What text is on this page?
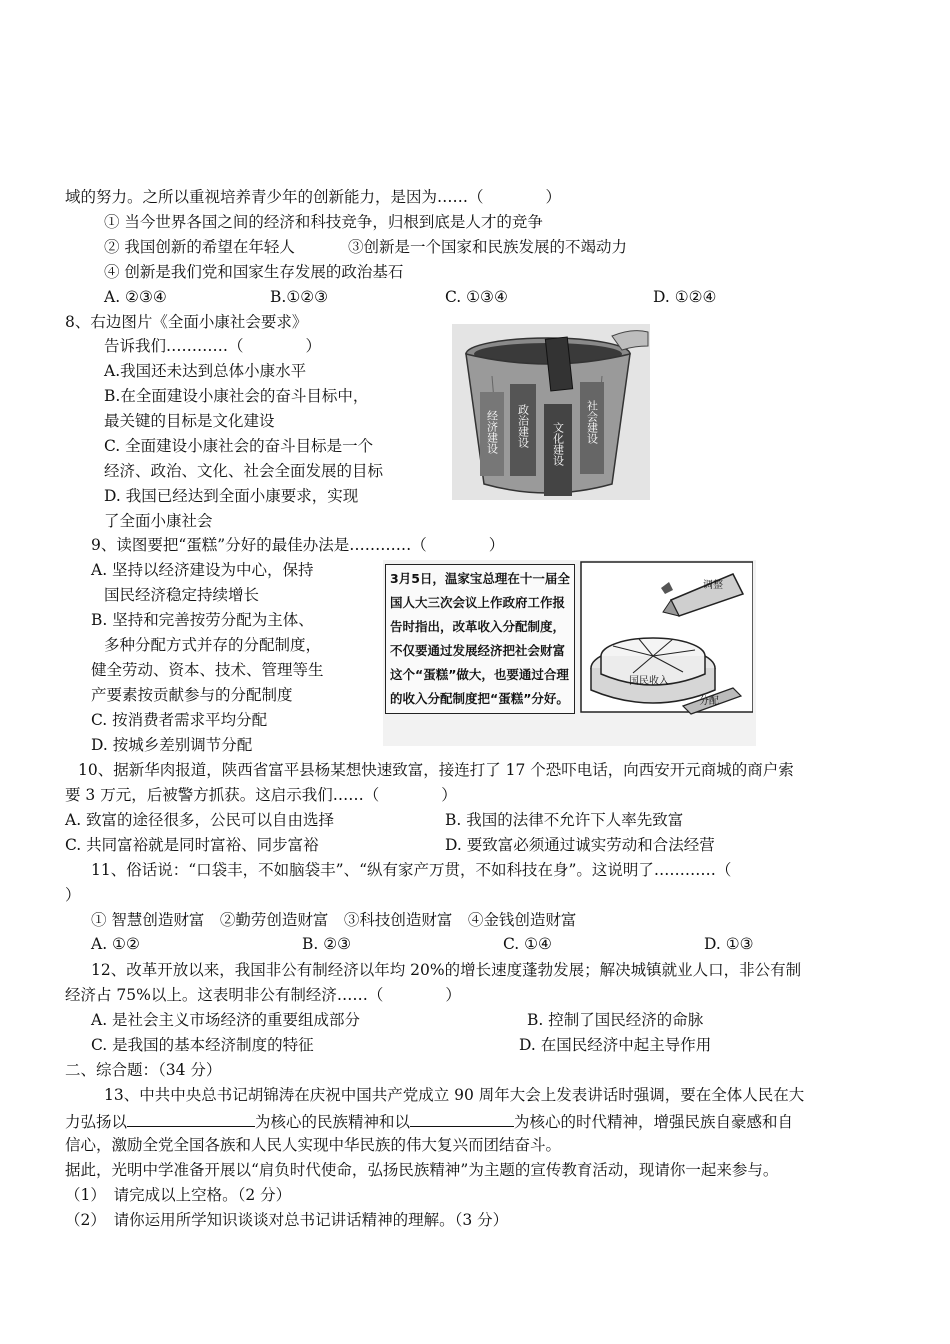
域的努力。之所以重视培养青少年的创新能力，是因为……（　　　　）
① 当今世界各国之间的经济和科技竞争，归根到底是人才的竞争
② 我国创新的希望在年轻人	③创新是一个国家和民族发展的不竭动力
④ 创新是我们党和国家生存发展的政治基石
A. ②③④	B.①②③	C. ①③④	D. ①②④
8、右边图片《全面小康社会要求》
告诉我们…………（　　　　）
A.我国还未达到总体小康水平
B.在全面建设小康社会的奋斗目标中，
最关键的目标是文化建设
C. 全面建设小康社会的奋斗目标是一个
经济、政治、文化、社会全面发展的目标
D. 我国已经达到全面小康要求，实现
了全面小康社会
经济建设 政治建设 文化建设 社会建设
9、读图要把“蛋糕”分好的最佳办法是…………（　　　　）
A. 坚持以经济建设为中心，保持
国民经济稳定持续增长
B. 坚持和完善按劳分配为主体、
多种分配方式并存的分配制度，
健全劳动、资本、技术、管理等生
产要素按贡献参与的分配制度
C. 按消费者需求平均分配
D. 按城乡差别调节分配
3月5日，温家宝总理在十一届全国人大三次会议上作政府工作报告时指出，改革收入分配制度，不仅要通过发展经济把社会财富这个“蛋糕”做大，也要通过合理的收入分配制度把“蛋糕”分好。
调整
国民收入
分配
10、据新华肉报道，陕西省富平县杨某想快速致富，接连打了 17 个恐吓电话，向西安开元商城的商户索
要 3 万元，后被警方抓获。这启示我们……（　　　　）
A. 致富的途径很多，公民可以自由选择	B. 我国的法律不允许下人率先致富
C. 共同富裕就是同时富裕、同步富裕	D. 要致富必须通过诚实劳动和合法经营
11、俗话说：“口袋丰，不如脑袋丰”、“纵有家产万贯，不如科技在身”。这说明了…………（
）
① 智慧创造财富　②勤劳创造财富　③科技创造财富　④金钱创造财富
A. ①②	B. ②③	C. ①④	D. ①③
12、改革开放以来，我国非公有制经济以年均 20%的增长速度蓬勃发展；解决城镇就业人口，非公有制
经济占 75%以上。这表明非公有制经济……（　　　　）
A. 是社会主义市场经济的重要组成部分	B. 控制了国民经济的命脉
C. 是我国的基本经济制度的特征	D. 在国民经济中起主导作用
二、综合题：（34 分）
13、中共中央总书记胡锦涛在庆祝中国共产党成立 90 周年大会上发表讲话时强调，要在全体人民在大
力弘扬以	为核心的民族精神和以	为核心的时代精神，增强民族自豪感和自
信心，激励全党全国各族和人民人实现中华民族的伟大复兴而团结奋斗。
据此，光明中学准备开展以“肩负时代使命，弘扬民族精神”为主题的宣传教育活动，现请你一起来参与。
（1）　请完成以上空格。（2 分）
（2）　请你运用所学知识谈谈对总书记讲话精神的理解。（3 分）
